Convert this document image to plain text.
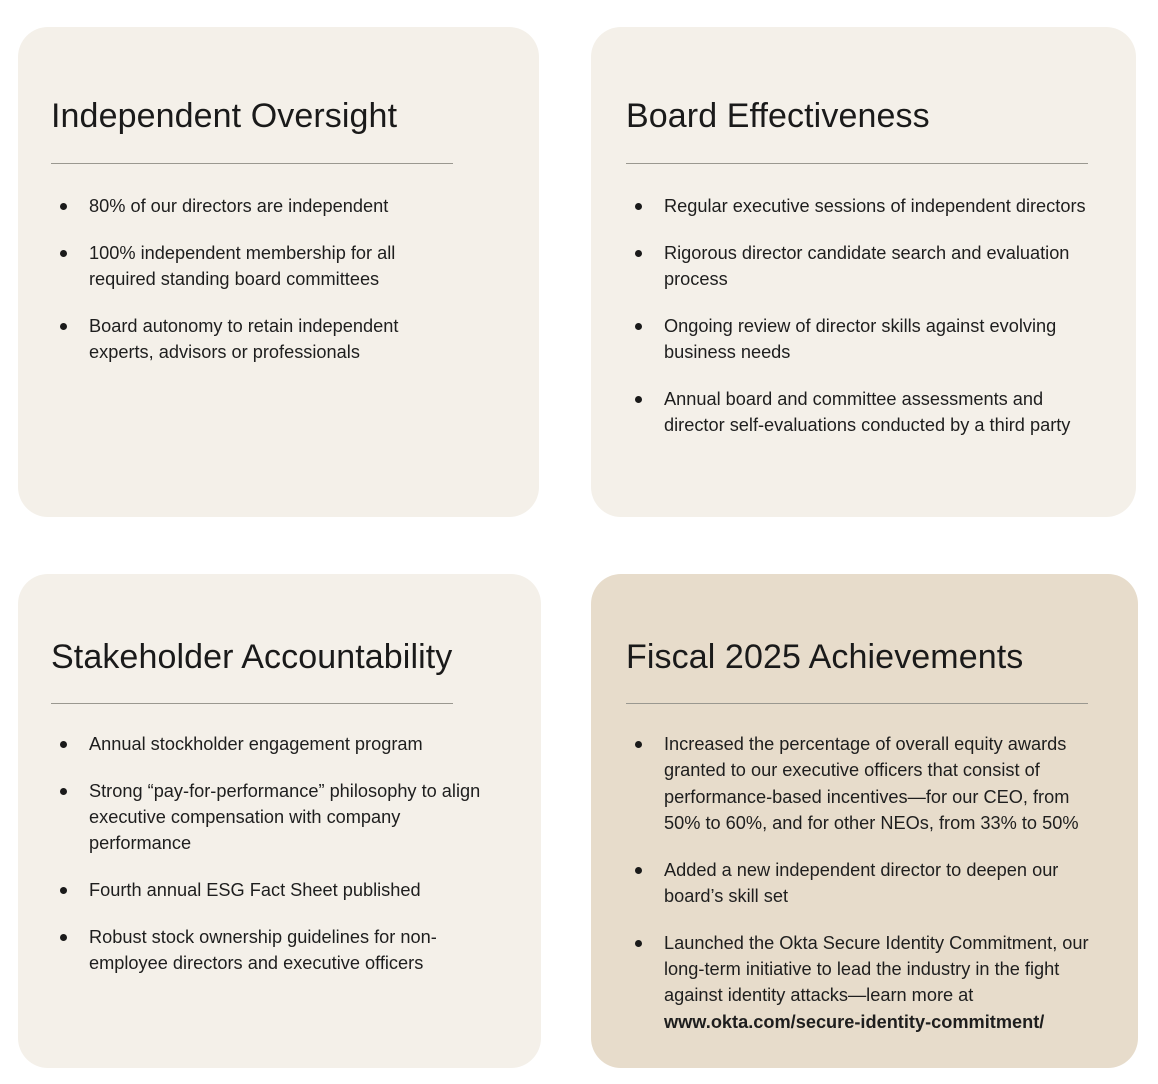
Independent Oversight
80% of our directors are independent
100% independent membership for all required standing board committees
Board autonomy to retain independent experts, advisors or professionals
Board Effectiveness
Regular executive sessions of independent directors
Rigorous director candidate search and evaluation process
Ongoing review of director skills against evolving business needs
Annual board and committee assessments and director self-evaluations conducted by a third party
Stakeholder Accountability
Annual stockholder engagement program
Strong “pay-for-performance” philosophy to align executive compensation with company performance
Fourth annual ESG Fact Sheet published
Robust stock ownership guidelines for non-employee directors and executive officers
Fiscal 2025 Achievements
Increased the percentage of overall equity awards granted to our executive officers that consist of performance-based incentives—for our CEO, from 50% to 60%, and for other NEOs, from 33% to 50%
Added a new independent director to deepen our board’s skill set
Launched the Okta Secure Identity Commitment, our long-term initiative to lead the industry in the fight against identity attacks—learn more at
www.okta.com/secure-identity-commitment/
